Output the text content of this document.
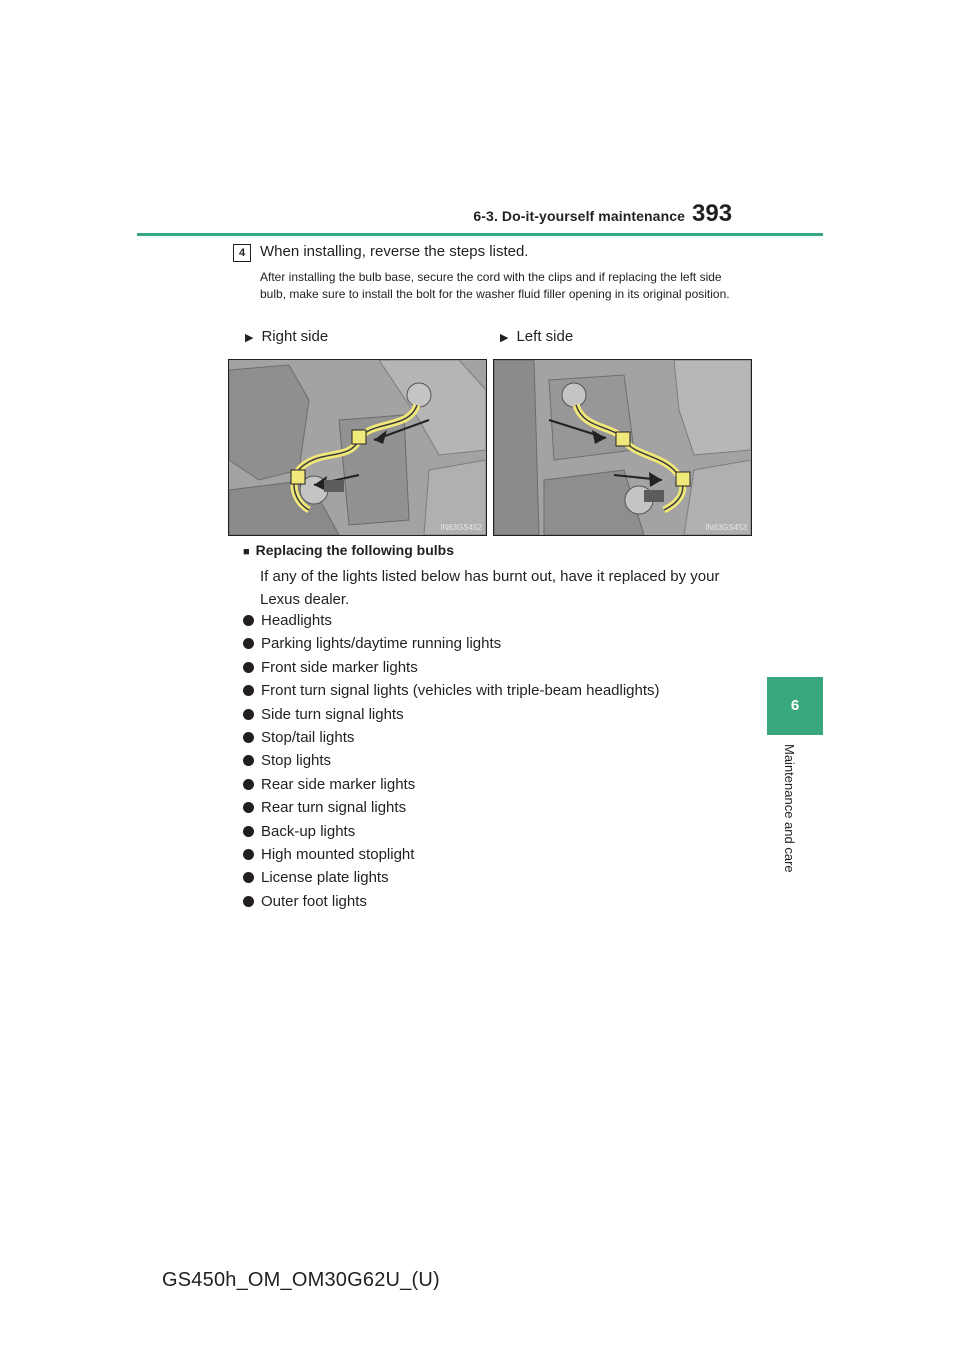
6-3. Do-it-yourself maintenance 393
6
Maintenance and care
4 When installing, reverse the steps listed.
After installing the bulb base, secure the cord with the clips and if replacing the left side bulb, make sure to install the bolt for the washer fluid filler opening in its original position.
▶ Right side	▶ Left side
IN63GS452	IN63GS453
■ Replacing the following bulbs
If any of the lights listed below has burnt out, have it replaced by your Lexus dealer.
Headlights
Parking lights/daytime running lights
Front side marker lights
Front turn signal lights (vehicles with triple-beam headlights)
Side turn signal lights
Stop/tail lights
Stop lights
Rear side marker lights
Rear turn signal lights
Back-up lights
High mounted stoplight
License plate lights
Outer foot lights
GS450h_OM_OM30G62U_(U)
